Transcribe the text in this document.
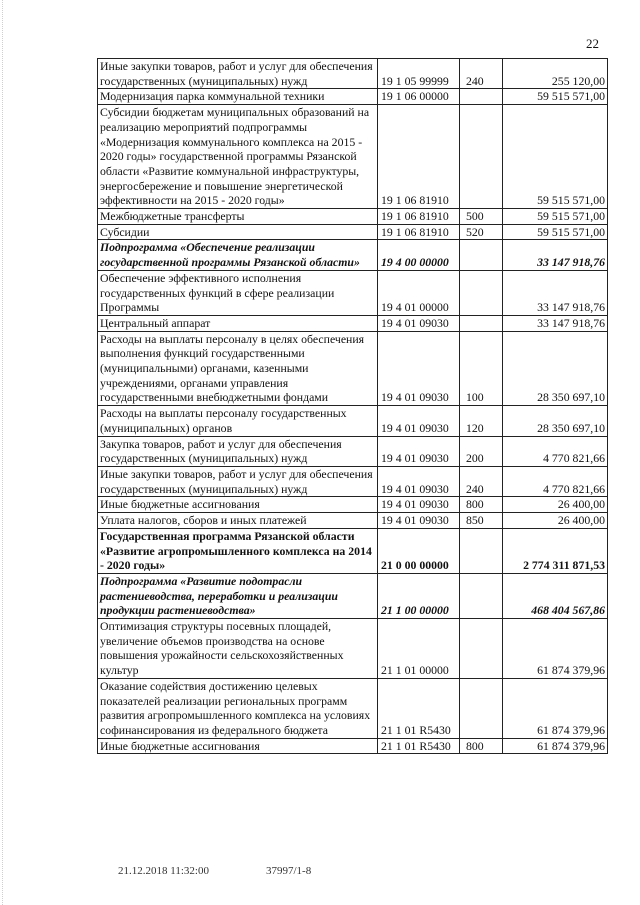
22
Иные закупки товаров, работ и услуг для обеспечения государственных (муниципальных) нужд	19 1 05 99999	240	255 120,00
Модернизация парка коммунальной техники	19 1 06 00000		59 515 571,00
Субсидии бюджетам муниципальных образований на реализацию мероприятий подпрограммы «Модернизация коммунального комплекса на 2015 - 2020 годы» государственной программы Рязанской области «Развитие коммунальной инфраструктуры, энергосбережение и повышение энергетической эффективности на 2015 - 2020 годы»	19 1 06 81910		59 515 571,00
Межбюджетные трансферты	19 1 06 81910	500	59 515 571,00
Субсидии	19 1 06 81910	520	59 515 571,00
Подпрограмма «Обеспечение реализации государственной программы Рязанской области»	19 4 00 00000		33 147 918,76
Обеспечение эффективного исполнения государственных функций в сфере реализации Программы	19 4 01 00000		33 147 918,76
Центральный аппарат	19 4 01 09030		33 147 918,76
Расходы на выплаты персоналу в целях обеспечения выполнения функций государственными (муниципальными) органами, казенными учреждениями, органами управления государственными внебюджетными фондами	19 4 01 09030	100	28 350 697,10
Расходы на выплаты персоналу государственных (муниципальных) органов	19 4 01 09030	120	28 350 697,10
Закупка товаров, работ и услуг для обеспечения государственных (муниципальных) нужд	19 4 01 09030	200	4 770 821,66
Иные закупки товаров, работ и услуг для обеспечения государственных (муниципальных) нужд	19 4 01 09030	240	4 770 821,66
Иные бюджетные ассигнования	19 4 01 09030	800	26 400,00
Уплата налогов, сборов и иных платежей	19 4 01 09030	850	26 400,00
Государственная программа Рязанской области «Развитие агропромышленного комплекса на 2014 - 2020 годы»	21 0 00 00000		2 774 311 871,53
Подпрограмма «Развитие подотрасли растениеводства, переработки и реализации продукции растениеводства»	21 1 00 00000		468 404 567,86
Оптимизация структуры посевных площадей, увеличение объемов производства на основе повышения урожайности сельскохозяйственных культур	21 1 01 00000		61 874 379,96
Оказание содействия достижению целевых показателей реализации региональных программ развития агропромышленного комплекса на условиях софинансирования из федерального бюджета	21 1 01 R5430		61 874 379,96
Иные бюджетные ассигнования	21 1 01 R5430	800	61 874 379,96
21.12.2018 11:32:00	37997/1-8
